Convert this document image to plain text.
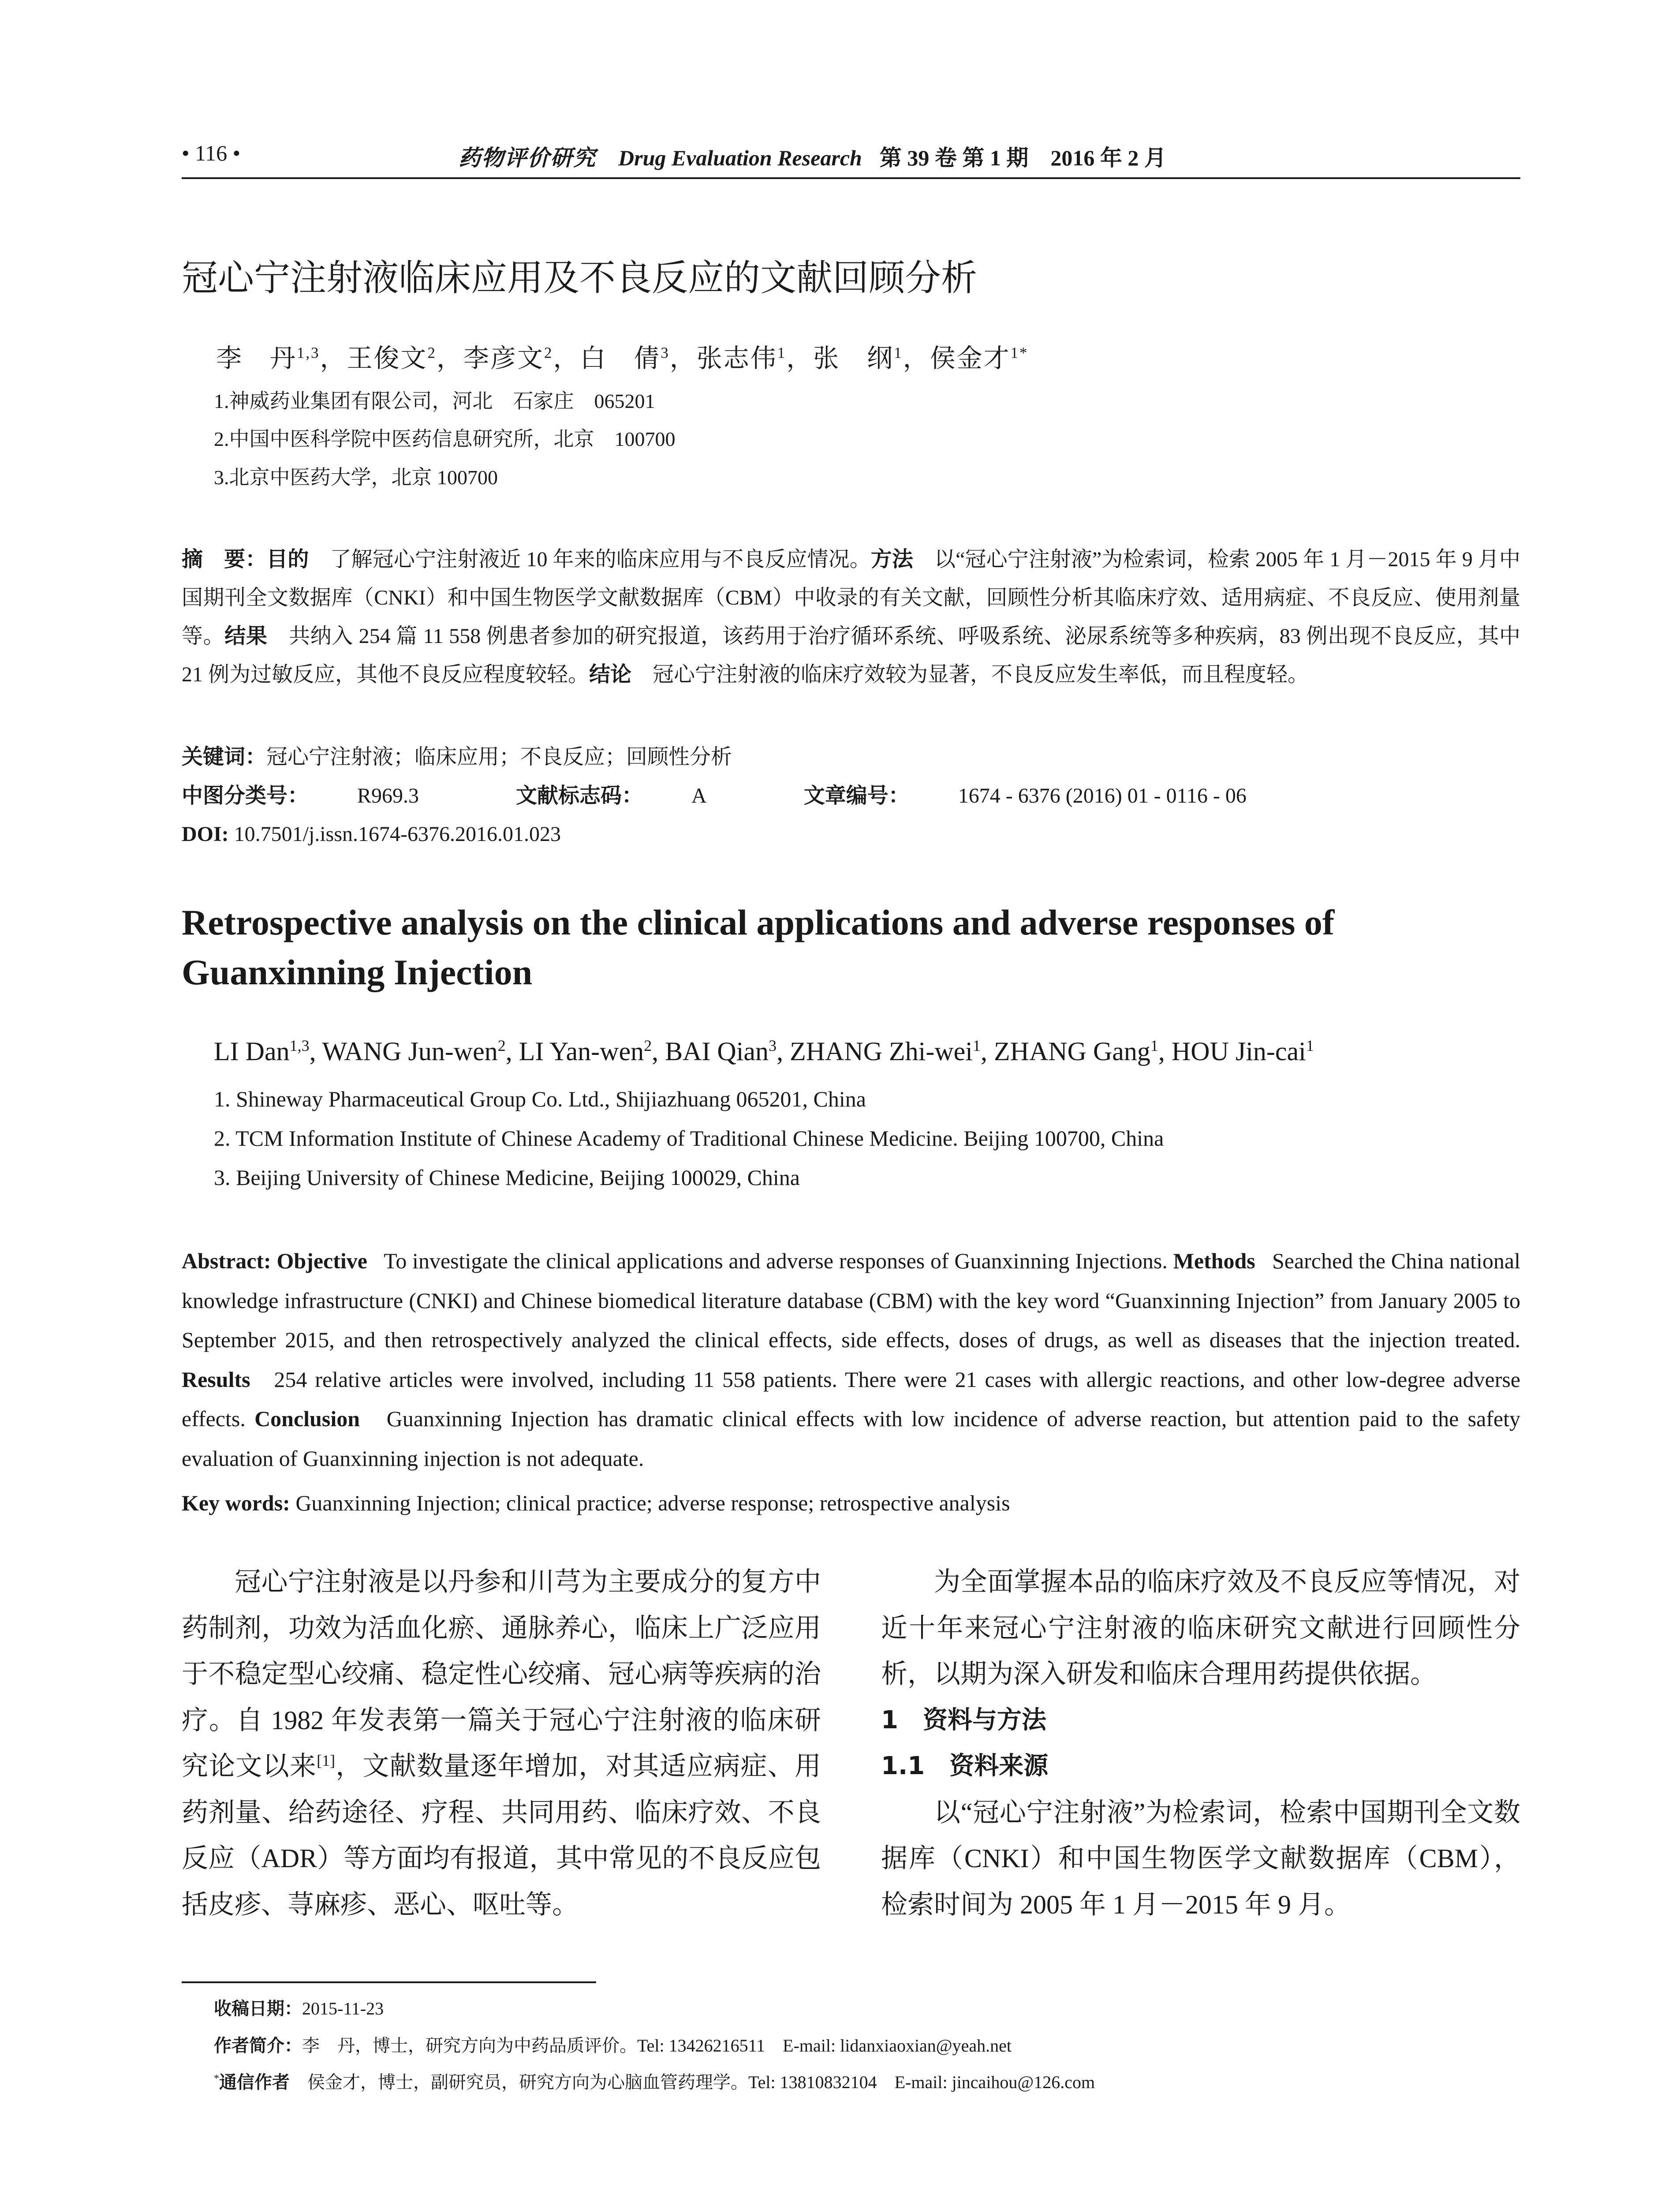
• 116 •	药物评价研究 Drug Evaluation Research 第 39 卷 第 1 期　2016 年 2 月
冠心宁注射液临床应用及不良反应的文献回顾分析
李　丹$^{1,3}$，王俊文$^2$，李彦文$^2$，白　倩$^3$，张志伟$^1$，张　纲$^1$，侯金才$^{1*}$
1.神威药业集团有限公司，河北　石家庄　065201
2.中国中医科学院中医药信息研究所，北京　100700
3.北京中医药大学，北京 100700
摘　要：目的　了解冠心宁注射液近 10 年来的临床应用与不良反应情况。方法　以“冠心宁注射液”为检索词，检索 2005 年 1 月－2015 年 9 月中国期刊全文数据库（CNKI）和中国生物医学文献数据库（CBM）中收录的有关文献，回顾性分析其临床疗效、适用病症、不良反应、使用剂量等。结果　共纳入 254 篇 11 558 例患者参加的研究报道，该药用于治疗循环系统、呼吸系统、泌尿系统等多种疾病，83 例出现不良反应，其中 21 例为过敏反应，其他不良反应程度较轻。结论　冠心宁注射液的临床疗效较为显著，不良反应发生率低，而且程度轻。
关键词：冠心宁注射液；临床应用；不良反应；回顾性分析
中图分类号： R969.3	文献标志码： A	文章编号： 1674 - 6376 (2016) 01 - 0116 - 06
DOI: 10.7501/j.issn.1674-6376.2016.01.023
Retrospective analysis on the clinical applications and adverse responses of Guanxinning Injection
LI Dan$^{1,3}$, WANG Jun-wen$^2$, LI Yan-wen$^2$, BAI Qian$^3$, ZHANG Zhi-wei$^1$, ZHANG Gang$^1$, HOU Jin-cai$^1$
1. Shineway Pharmaceutical Group Co. Ltd., Shijiazhuang 065201, China
2. TCM Information Institute of Chinese Academy of Traditional Chinese Medicine. Beijing 100700, China
3. Beijing University of Chinese Medicine, Beijing 100029, China
Abstract: Objective   To investigate the clinical applications and adverse responses of Guanxinning Injections. Methods   Searched the China national knowledge infrastructure (CNKI) and Chinese biomedical literature database (CBM) with the key word “Guanxinning Injection” from January 2005 to September 2015, and then retrospectively analyzed the clinical effects, side effects, doses of drugs, as well as diseases that the injection treated. Results   254 relative articles were involved, including 11 558 patients. There were 21 cases with allergic reactions, and other low-degree adverse effects. Conclusion   Guanxinning Injection has dramatic clinical effects with low incidence of adverse reaction, but attention paid to the safety evaluation of Guanxinning injection is not adequate.
Key words: Guanxinning Injection; clinical practice; adverse response; retrospective analysis

冠心宁注射液是以丹参和川芎为主要成分的复方中药制剂，功效为活血化瘀、通脉养心，临床上广泛应用于不稳定型心绞痛、稳定性心绞痛、冠心病等疾病的治疗。自 1982 年发表第一篇关于冠心宁注射液的临床研究论文以来[1]，文献数量逐年增加，对其适应病症、用药剂量、给药途径、疗程、共同用药、临床疗效、不良反应（ADR）等方面均有报道，其中常见的不良反应包括皮疹、荨麻疹、恶心、呕吐等。

为全面掌握本品的临床疗效及不良反应等情况，对近十年来冠心宁注射液的临床研究文献进行回顾性分析，以期为深入研发和临床合理用药提供依据。

1　资料与方法

1.1　资料来源

以“冠心宁注射液”为检索词，检索中国期刊全文数据库（CNKI）和中国生物医学文献数据库（CBM），检索时间为 2005 年 1 月－2015 年 9 月。

收稿日期：2015-11-23
作者简介：李　丹，博士，研究方向为中药品质评价。Tel: 13426216511　E-mail: lidanxiaoxian@yeah.net
*通信作者　侯金才，博士，副研究员，研究方向为心脑血管药理学。Tel: 13810832104　E-mail: jincaihou@126.com
